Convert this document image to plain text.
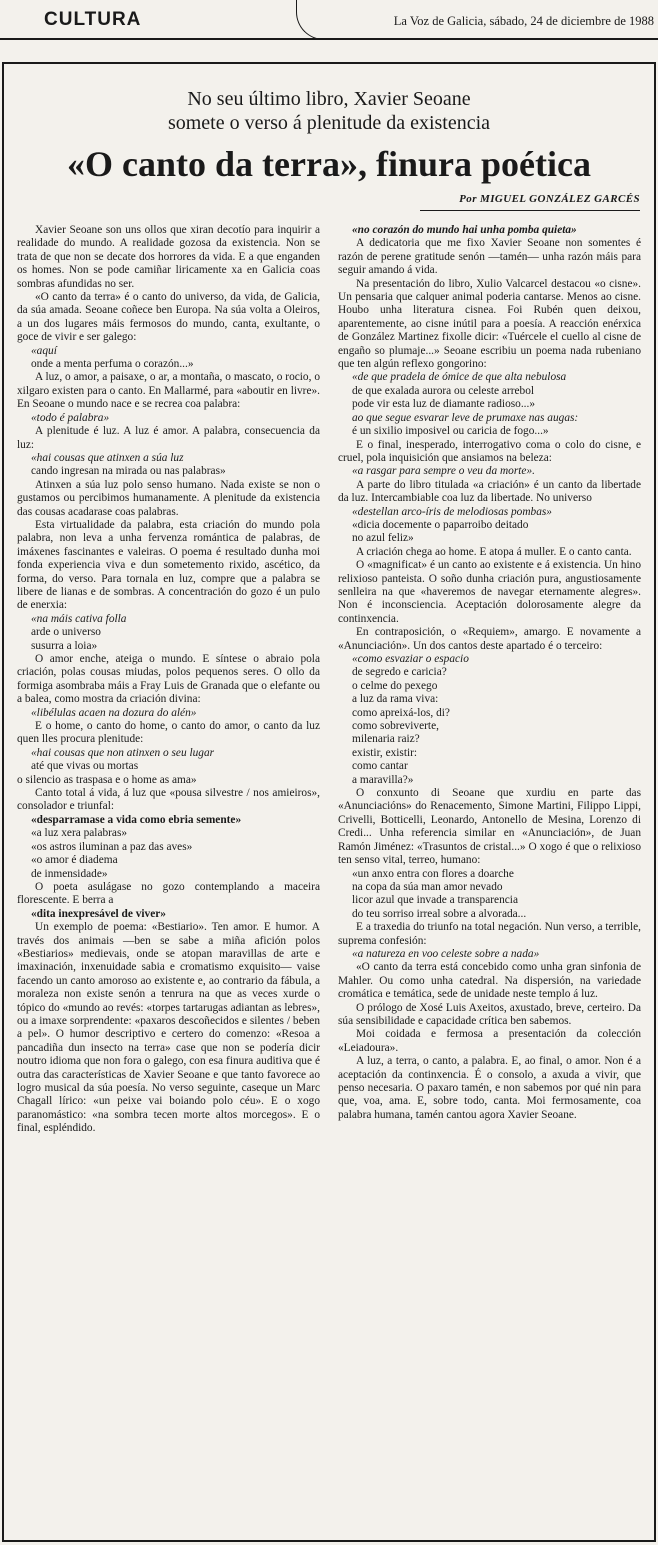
CULTURA	La Voz de Galicia, sábado, 24 de diciembre de 1988

No seu último libro, Xavier Seoane
somete o verso á plenitude da existencia
«O canto da terra», finura poética

Por MIGUEL GONZÁLEZ GARCÉS

Xavier Seoane son uns ollos que xiran decotío para inquirir a realidade do mundo. A realidade gozosa da existencia. Non se trata de que non se decate dos horrores da vida. E a que enganden os homes. Non se pode camiñar liricamente xa en Galicia coas sombras afundidas no ser.

«O canto da terra» é o canto do universo, da vida, de Galicia, da súa amada. Seoane coñece ben Europa. Na súa volta a Oleiros, a un dos lugares máis fermosos do mundo, canta, exultante, o goce de vivir e ser galego:

«aquí

onde a menta perfuma o corazón...»

A luz, o amor, a paisaxe, o ar, a montaña, o mascato, o rocio, o xilgaro existen para o canto. En Mallarmé, para «aboutir en livre». En Seoane o mundo nace e se recrea coa palabra:

«todo é palabra»

A plenitude é luz. A luz é amor. A palabra, consecuencia da luz:

«hai cousas que atinxen a súa luz

cando ingresan na mirada ou nas palabras»

Atinxen a súa luz polo senso humano. Nada existe se non o gustamos ou percibimos humanamente. A plenitude da existencia das cousas acadarase coas palabras.

Esta virtualidade da palabra, esta criación do mundo pola palabra, non leva a unha fervenza romántica de palabras, de imáxenes fascinantes e valeiras. O poema é resultado dunha moi fonda experiencia viva e dun sometemento rixido, ascético, da forma, do verso. Para tornala en luz, compre que a palabra se libere de lianas e de sombras. A concentración do gozo é un pulo de enerxia:

«na máis cativa folla

arde o universo

susurra a loia»

O amor enche, ateiga o mundo. E síntese o abraio pola criación, polas cousas miudas, polos pequenos seres. O ollo da formiga asombraba máis a Fray Luis de Granada que o elefante ou a balea, como mostra da criación divina:

«libélulas acaen na dozura do alén»

E o home, o canto do home, o canto do amor, o canto da luz quen lles procura plenitude:

«hai cousas que non atinxen o seu lugar

até que vivas ou mortas

o silencio as traspasa e o home as ama»

Canto total á vida, á luz que «pousa silvestre / nos amieiros», consolador e triunfal:

«desparramase a vida como ebria semente»

«a luz xera palabras»

«os astros iluminan a paz das aves»

«o amor é diadema

de inmensidade»

O poeta asulágase no gozo contemplando a maceira florescente. E berra a

«dita inexpresável de viver»

Un exemplo de poema: «Bestiario». Ten amor. E humor. A través dos animais —ben se sabe a miña afición polos «Bestiarios» medievais, onde se atopan maravillas de arte e imaxinación, inxenuidade sabia e cromatismo exquisito— vaise facendo un canto amoroso ao existente e, ao contrario da fábula, a moraleza non existe senón a tenrura na que as veces xurde o tópico do «mundo ao revés: «torpes tartarugas adiantan as lebres», ou a imaxe sorprendente: «paxaros descoñecidos e silentes / beben a pel». O humor descriptivo e certero do comenzo: «Resoa a pancadiña dun insecto na terra» case que non se podería dicir noutro idioma que non fora o galego, con esa finura auditiva que é outra das características de Xavier Seoane e que tanto favorece ao logro musical da súa poesía. No verso seguinte, caseque un Marc Chagall lírico: «un peixe vai boiando polo céu». E o xogo paranomástico: «na sombra tecen morte altos morcegos». E o final, espléndido.

«no corazón do mundo hai unha pomba quieta»

A dedicatoria que me fixo Xavier Seoane non somentes é razón de perene gratitude senón —tamén— unha razón máis para seguir amando á vida.

Na presentación do libro, Xulio Valcarcel destacou «o cisne». Un pensaria que calquer animal poderia cantarse. Menos ao cisne. Houbo unha literatura cisnea. Foi Rubén quen deixou, aparentemente, ao cisne inútil para a poesía. A reacción enérxica de González Martinez fixolle dicir: «Tuércele el cuello al cisne de engaño so plumaje...» Seoane escribiu un poema nada rubeniano que ten algún reflexo gongorino:

«de que pradela de ómice de que alta nebulosa

de que exalada aurora ou celeste arrebol

pode vir esta luz de diamante radioso...»

ao que segue esvarar leve de prumaxe nas augas:

é un sixilio imposivel ou caricia de fogo...»

E o final, inesperado, interrogativo coma o colo do cisne, e cruel, pola inquisición que ansiamos na beleza:

«a rasgar para sempre o veu da morte».

A parte do libro titulada «a criación» é un canto da libertade da luz. Intercambiable coa luz da libertade. No universo

«destellan arco-íris de melodiosas pombas»

«dicia docemente o paparroibo deitado

no azul feliz»

A criación chega ao home. E atopa á muller. E o canto canta.

O «magnificat» é un canto ao existente e á existencia. Un hino relixioso panteista. O soño dunha criación pura, angustiosamente senlleira na que «haveremos de navegar eternamente alegres». Non é inconsciencia. Aceptación dolorosamente alegre da continxencia.

En contraposición, o «Requiem», amargo. E novamente a «Anunciación». Un dos cantos deste apartado é o terceiro:

«como esvaziar o espacio

de segredo e caricia?

o celme do pexego

a luz da rama viva:

como apreixá-los, di?

como sobreviverte,

milenaria raiz?

existir, existir:

como cantar

a maravilla?»

O conxunto di Seoane que xurdiu en parte das «Anunciacións» do Renacemento, Simone Martini, Filippo Lippi, Crivelli, Botticelli, Leonardo, Antonello de Mesina, Lorenzo di Credi... Unha referencia similar en «Anunciación», de Juan Ramón Jiménez: «Trasuntos de cristal...» O xogo é que o relixioso ten senso vital, terreo, humano:

«un anxo entra con flores a doarche

na copa da súa man amor nevado

licor azul que invade a transparencia

do teu sorriso irreal sobre a alvorada...

E a traxedia do triunfo na total negación. Nun verso, a terrible, suprema confesión:

«a natureza en voo celeste sobre a nada»

«O canto da terra está concebido como unha gran sinfonia de Mahler. Ou como unha catedral. Na dispersión, na variedade cromática e temática, sede de unidade neste templo á luz.

O prólogo de Xosé Luis Axeitos, axustado, breve, certeiro. Da súa sensibilidade e capacidade crítica ben sabemos.

Moi coidada e fermosa a presentación da colección «Leiadoura».

A luz, a terra, o canto, a palabra. E, ao final, o amor. Non é a aceptación da continxencia. É o consolo, a axuda a vivir, que penso necesaria. O paxaro tamén, e non sabemos por qué nin para que, voa, ama. E, sobre todo, canta. Moi fermosamente, coa palabra humana, tamén cantou agora Xavier Seoane.
